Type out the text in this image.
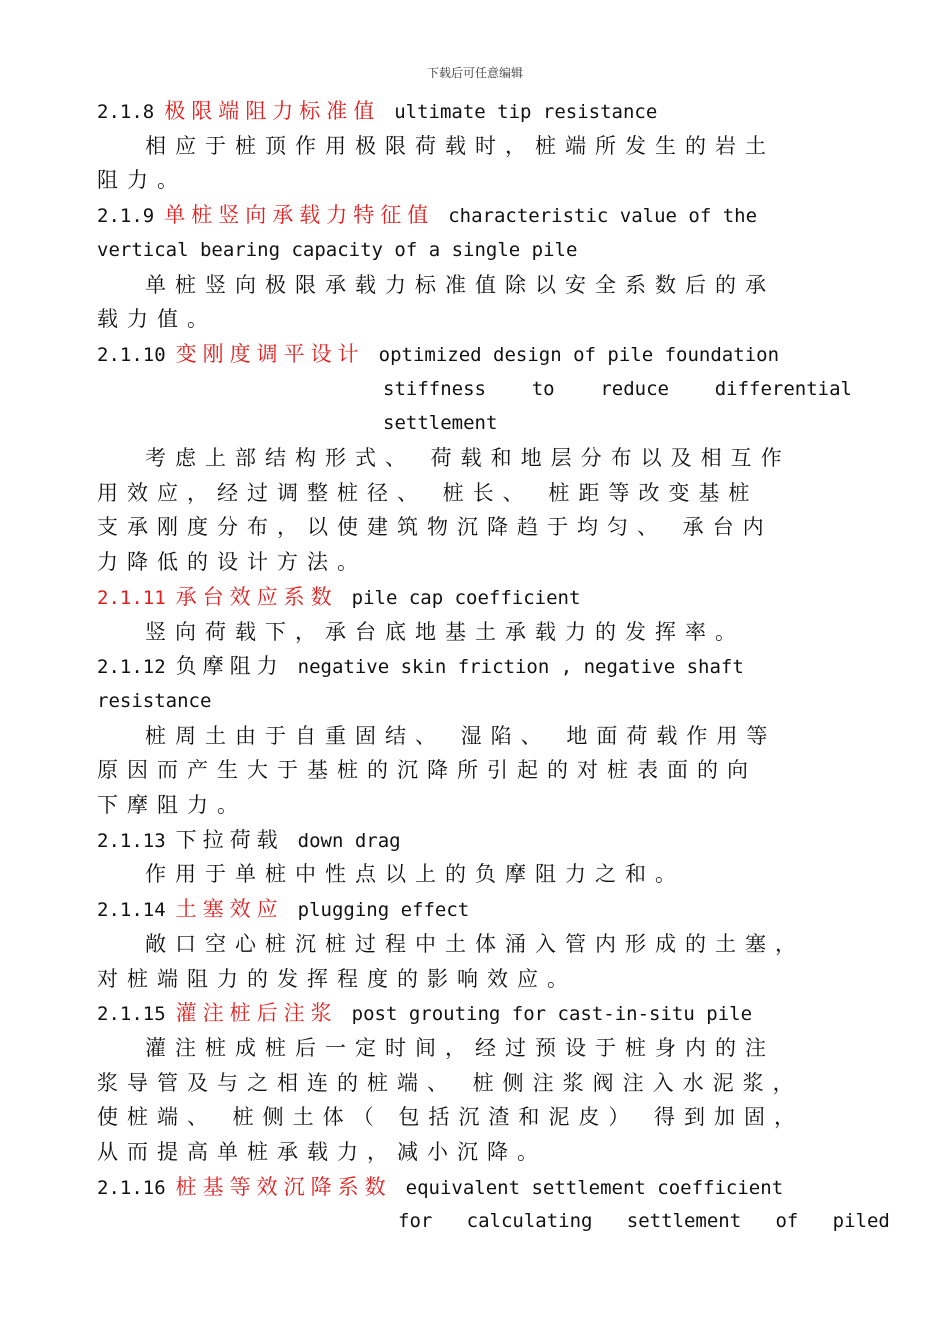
下载后可任意编辑
2.1.8 极限端阻力标准值 ultimate tip resistance
相应于桩顶作用极限荷载时，桩端所发生的岩土
阻力。
2.1.9 单桩竖向承载力特征值 characteristic value of the
vertical bearing capacity of a single pile
单桩竖向极限承载力标准值除以安全系数后的承
载力值。
2.1.10 变刚度调平设计 optimized design of pile foundation
stiffness    to    reduce    differential
settlement
考虑上部结构形式、 荷载和地层分布以及相互作
用效应，经过调整桩径、 桩长、 桩距等改变基桩
支承刚度分布，以使建筑物沉降趋于均匀、 承台内
力降低的设计方法。
2.1.11 承台效应系数 pile cap coefficient
竖向荷载下，承台底地基土承载力的发挥率。
2.1.12 负摩阻力 negative skin friction , negative shaft
resistance
桩周土由于自重固结、 湿陷、 地面荷载作用等
原因而产生大于基桩的沉降所引起的对桩表面的向
下摩阻力。
2.1.13 下拉荷载 down drag
作用于单桩中性点以上的负摩阻力之和。
2.1.14 土塞效应 plugging effect
敞口空心桩沉桩过程中土体涌入管内形成的土塞，
对桩端阻力的发挥程度的影响效应。
2.1.15 灌注桩后注浆 post grouting for cast-in-situ pile
灌注桩成桩后一定时间，经过预设于桩身内的注
浆导管及与之相连的桩端、 桩侧注浆阀注入水泥浆，
使桩端、 桩侧土体（ 包括沉渣和泥皮） 得到加固，
从而提高单桩承载力，减小沉降。
2.1.16 桩基等效沉降系数 equivalent settlement coefficient
for   calculating   settlement   of   piled
